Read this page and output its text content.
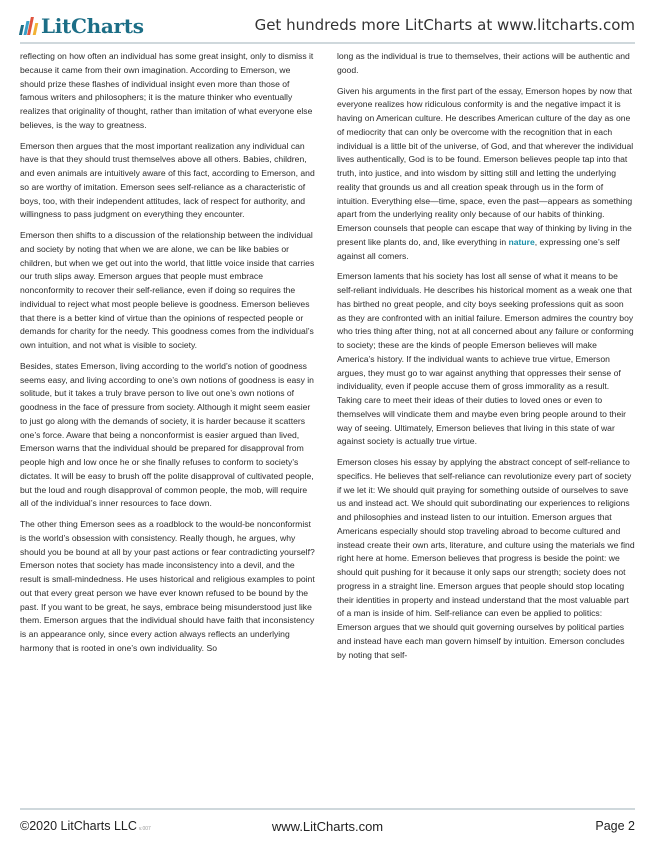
LitCharts	Get hundreds more LitCharts at www.litcharts.com

reflecting on how often an individual has some great insight, only to dismiss it because it came from their own imagination. According to Emerson, we should prize these flashes of individual insight even more than those of famous writers and philosophers; it is the mature thinker who eventually realizes that originality of thought, rather than imitation of what everyone else believes, is the way to greatness.

Emerson then argues that the most important realization any individual can have is that they should trust themselves above all others. Babies, children, and even animals are intuitively aware of this fact, according to Emerson, and so are worthy of imitation. Emerson sees self-reliance as a characteristic of boys, too, with their independent attitudes, lack of respect for authority, and willingness to pass judgment on everything they encounter.

Emerson then shifts to a discussion of the relationship between the individual and society by noting that when we are alone, we can be like babies or children, but when we get out into the world, that little voice inside that carries our truth slips away. Emerson argues that people must embrace nonconformity to recover their self-reliance, even if doing so requires the individual to reject what most people believe is goodness. Emerson believes that there is a better kind of virtue than the opinions of respected people or demands for charity for the needy. This goodness comes from the individual’s own intuition, and not what is visible to society.

Besides, states Emerson, living according to the world’s notion of goodness seems easy, and living according to one’s own notions of goodness is easy in solitude, but it takes a truly brave person to live out one’s own notions of goodness in the face of pressure from society. Although it might seem easier to just go along with the demands of society, it is harder because it scatters one’s force. Aware that being a nonconformist is easier argued than lived, Emerson warns that the individual should be prepared for disapproval from people high and low once he or she finally refuses to conform to society’s dictates. It will be easy to brush off the polite disapproval of cultivated people, but the loud and rough disapproval of common people, the mob, will require all of the individual’s inner resources to face down.

The other thing Emerson sees as a roadblock to the would-be nonconformist is the world’s obsession with consistency. Really though, he argues, why should you be bound at all by your past actions or fear contradicting yourself? Emerson notes that society has made inconsistency into a devil, and the result is small-mindedness. He uses historical and religious examples to point out that every great person we have ever known refused to be bound by the past. If you want to be great, he says, embrace being misunderstood just like them. Emerson argues that the individual should have faith that inconsistency is an appearance only, since every action always reflects an underlying harmony that is rooted in one’s own individuality. So

long as the individual is true to themselves, their actions will be authentic and good.

Given his arguments in the first part of the essay, Emerson hopes by now that everyone realizes how ridiculous conformity is and the negative impact it is having on American culture. He describes American culture of the day as one of mediocrity that can only be overcome with the recognition that in each individual is a little bit of the universe, of God, and that wherever the individual lives authentically, God is to be found. Emerson believes people tap into that truth, into justice, and into wisdom by sitting still and letting the underlying reality that grounds us and all creation speak through us in the form of intuition. Everything else—time, space, even the past—appears as something apart from the underlying reality only because of our habits of thinking. Emerson counsels that people can escape that way of thinking by living in the present like plants do, and, like everything in nature, expressing one’s self against all comers.

Emerson laments that his society has lost all sense of what it means to be self-reliant individuals. He describes his historical moment as a weak one that has birthed no great people, and city boys seeking professions quit as soon as they are confronted with an initial failure. Emerson admires the country boy who tries thing after thing, not at all concerned about any failure or conforming to society; these are the kinds of people Emerson believes will make America’s history. If the individual wants to achieve true virtue, Emerson argues, they must go to war against anything that oppresses their sense of individuality, even if people accuse them of gross immorality as a result. Taking care to meet their ideas of their duties to loved ones or even to themselves will vindicate them and maybe even bring people around to their way of seeing. Ultimately, Emerson believes that living in this state of war against society is actually true virtue.

Emerson closes his essay by applying the abstract concept of self-reliance to specifics. He believes that self-reliance can revolutionize every part of society if we let it: We should quit praying for something outside of ourselves to save us and instead act. We should quit subordinating our experiences to religions and philosophies and instead listen to our intuition. Emerson argues that Americans especially should stop traveling abroad to become cultured and instead create their own arts, literature, and culture using the materials we find right here at home. Emerson believes that progress is beside the point: we should quit pushing for it because it only saps our strength; society does not progress in a straight line. Emerson argues that people should stop locating their identities in property and instead understand that the most valuable part of a man is inside of him. Self-reliance can even be applied to politics: Emerson argues that we should quit governing ourselves by political parties and instead have each man govern himself by intuition. Emerson concludes by noting that self-

©2020 LitCharts LLC v.007	www.LitCharts.com	Page 2
